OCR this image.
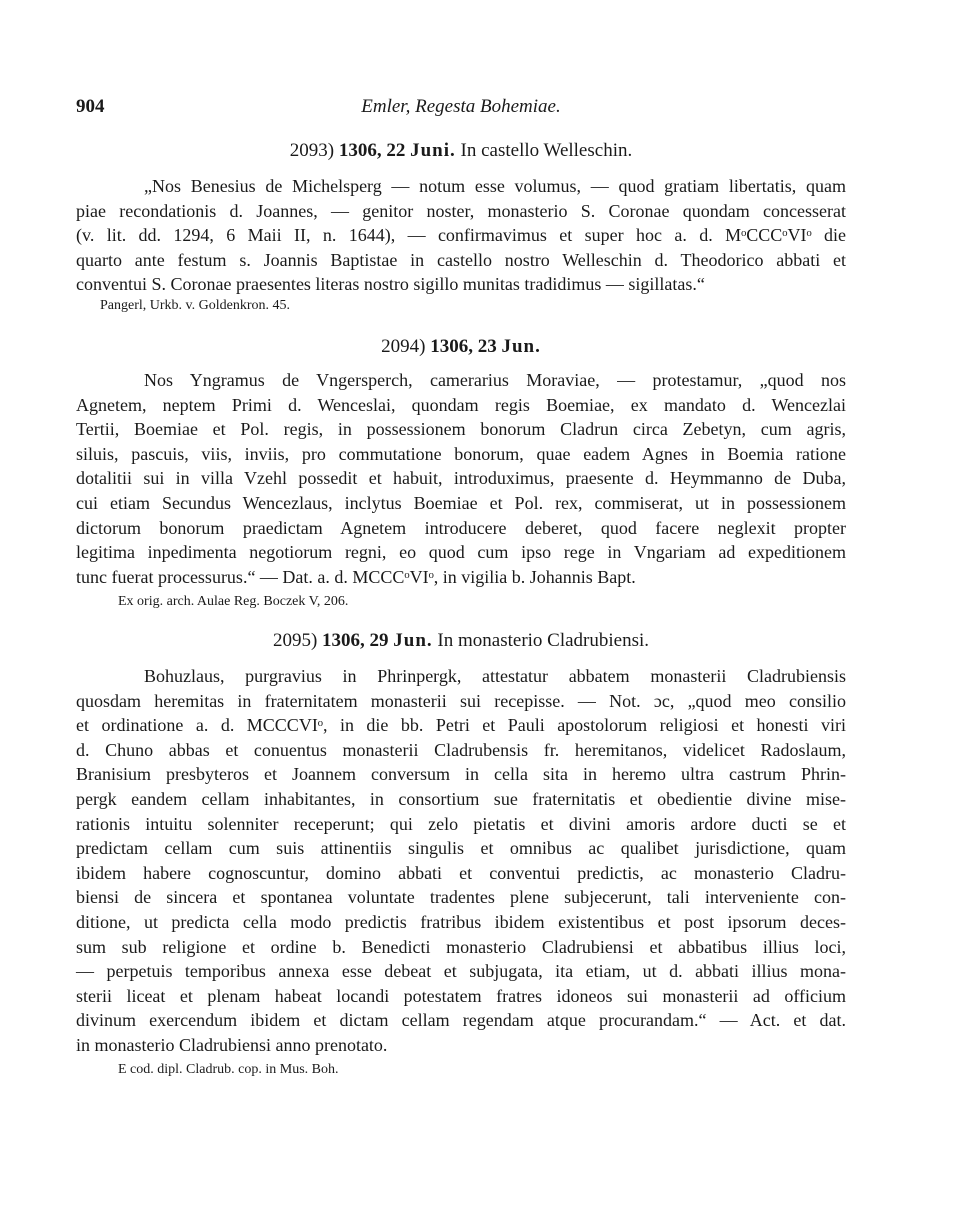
904	Emler, Regesta Bohemiae.
2093) 1306, 22 Juni. In castello Welleschin.
„Nos Benesius de Michelsperg — notum esse volumus, — quod gratiam libertatis, quam
piae recondationis d. Joannes, — genitor noster, monasterio S. Coronae quondam concesserat
(v. lit. dd. 1294, 6 Maii II, n. 1644), — confirmavimus et super hoc a. d. MᵒCCCᵒVIᵒ die
quarto ante festum s. Joannis Baptistae in castello nostro Welleschin d. Theodorico abbati et
conventui S. Coronae praesentes literas nostro sigillo munitas tradidimus — sigillatas.“
Pangerl, Urkb. v. Goldenkron. 45.
2094) 1306, 23 Jun.
Nos Yngramus de Vngersperch, camerarius Moraviae, — protestamur, „quod nos
Agnetem, neptem Primi d. Wenceslai, quondam regis Boemiae, ex mandato d. Wencezlai
Tertii, Boemiae et Pol. regis, in possessionem bonorum Cladrun circa Zebetyn, cum agris,
siluis, pascuis, viis, inviis, pro commutatione bonorum, quae eadem Agnes in Boemia ratione
dotalitii sui in villa Vzehl possedit et habuit, introduximus, praesente d. Heymmanno de Duba,
cui etiam Secundus Wencezlaus, inclytus Boemiae et Pol. rex, commiserat, ut in possessionem
dictorum bonorum praedictam Agnetem introducere deberet, quod facere neglexit propter
legitima inpedimenta negotiorum regni, eo quod cum ipso rege in Vngariam ad expeditionem
tunc fuerat processurus.“ — Dat. a. d. MCCCᵒVIᵒ, in vigilia b. Johannis Bapt.
Ex orig. arch. Aulae Reg. Boczek V, 206.
2095) 1306, 29 Jun. In monasterio Cladrubiensi.
Bohuzlaus, purgravius in Phrinpergk, attestatur abbatem monasterii Cladrubiensis
quosdam heremitas in fraternitatem monasterii sui recepisse. — Not. ɔc, „quod meo consilio
et ordinatione a. d. MCCCVIᵒ, in die bb. Petri et Pauli apostolorum religiosi et honesti viri
d. Chuno abbas et conuentus monasterii Cladrubensis fr. heremitanos, videlicet Radoslaum,
Branisium presbyteros et Joannem conversum in cella sita in heremo ultra castrum Phrin-
pergk eandem cellam inhabitantes, in consortium sue fraternitatis et obedientie divine mise-
rationis intuitu solenniter receperunt; qui zelo pietatis et divini amoris ardore ducti se et
predictam cellam cum suis attinentiis singulis et omnibus ac qualibet jurisdictione, quam
ibidem habere cognoscuntur, domino abbati et conventui predictis, ac monasterio Cladru-
biensi de sincera et spontanea voluntate tradentes plene subjecerunt, tali interveniente con-
ditione, ut predicta cella modo predictis fratribus ibidem existentibus et post ipsorum deces-
sum sub religione et ordine b. Benedicti monasterio Cladrubiensi et abbatibus illius loci,
— perpetuis temporibus annexa esse debeat et subjugata, ita etiam, ut d. abbati illius mona-
sterii liceat et plenam habeat locandi potestatem fratres idoneos sui monasterii ad officium
divinum exercendum ibidem et dictam cellam regendam atque procurandam.“ — Act. et dat.
in monasterio Cladrubiensi anno prenotato.
E cod. dipl. Cladrub. cop. in Mus. Boh.
